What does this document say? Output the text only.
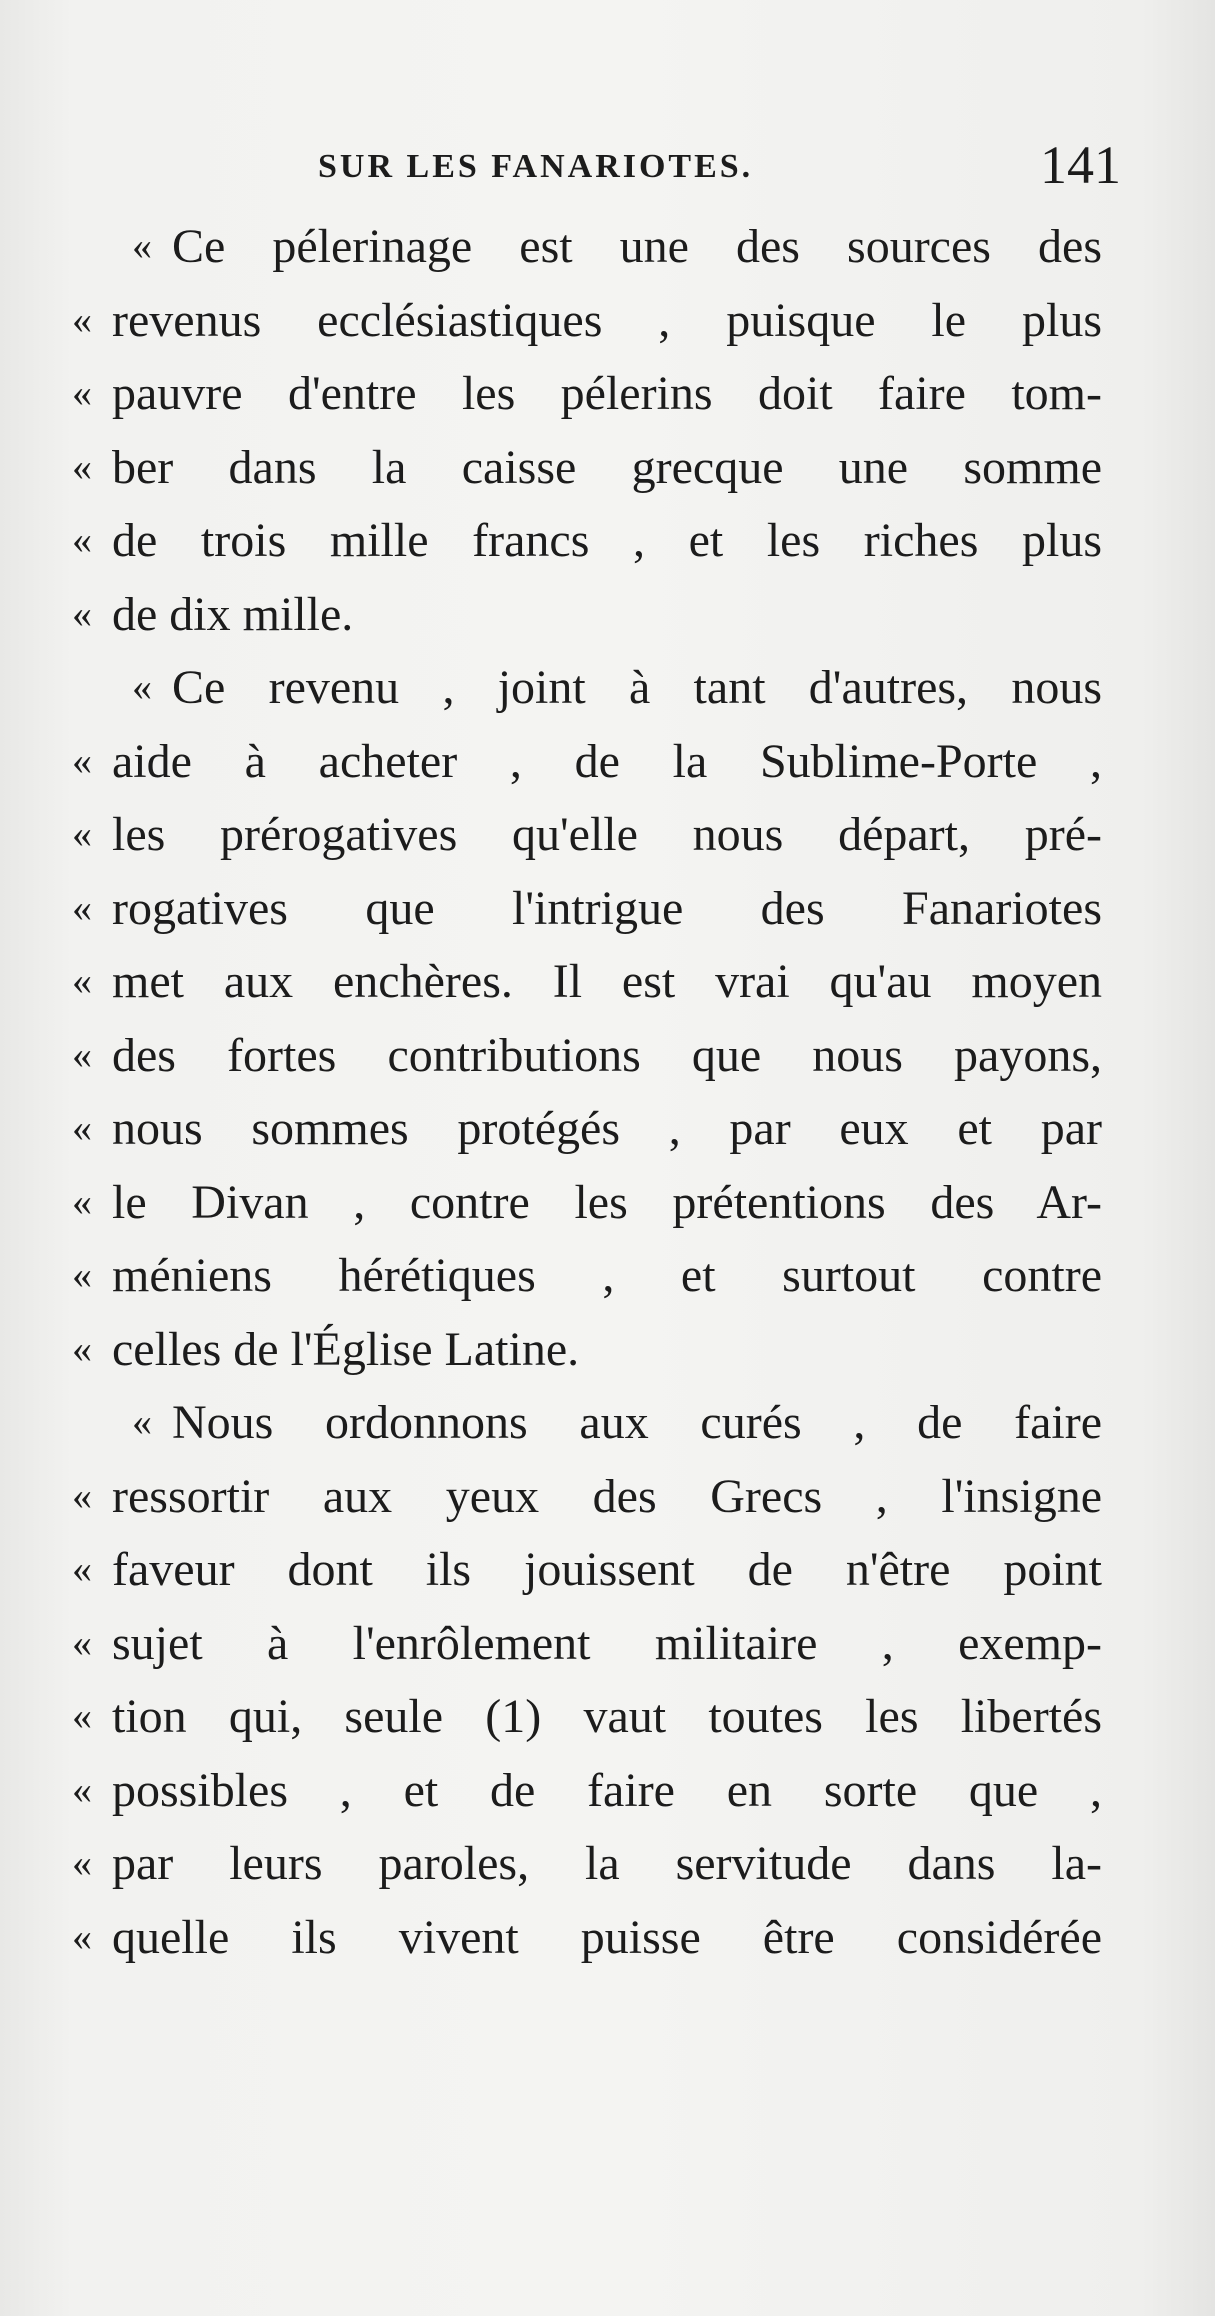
SUR LES FANARIOTES.	141
« Ce pélerinage est une des sources des
« revenus ecclésiastiques , puisque le plus
« pauvre d'entre les pélerins doit faire tom-
« ber dans la caisse grecque une somme
« de trois mille francs , et les riches plus
« de dix mille.
« Ce revenu , joint à tant d'autres, nous
« aide à acheter , de la Sublime-Porte ,
« les prérogatives qu'elle nous départ, pré-
« rogatives que l'intrigue des Fanariotes
« met aux enchères. Il est vrai qu'au moyen
« des fortes contributions que nous payons,
« nous sommes protégés , par eux et par
« le Divan , contre les prétentions des Ar-
« méniens hérétiques , et surtout contre
« celles de l'Église Latine.
« Nous ordonnons aux curés , de faire
« ressortir aux yeux des Grecs , l'insigne
« faveur dont ils jouissent de n'être point
« sujet à l'enrôlement militaire , exemp-
« tion qui, seule (1) vaut toutes les libertés
« possibles , et de faire en sorte que ,
« par leurs paroles, la servitude dans la-
« quelle ils vivent puisse être considérée
